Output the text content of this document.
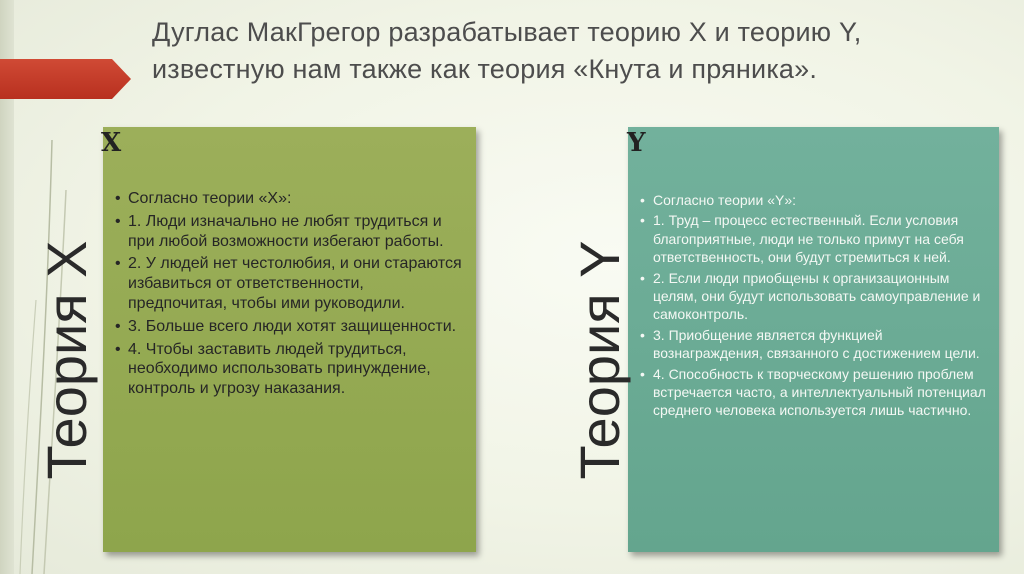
Дуглас МакГрегор разрабатывает теорию X и теорию Y, известную нам также как теория «Кнута и пряника».
• Согласно теории «X»:
• 1. Люди изначально не любят трудиться и при любой возможности избегают работы.
• 2. У людей нет честолюбия, и они стараются избавиться от ответственности, предпочитая, чтобы ими руководили.
• 3. Больше всего люди хотят защищенности.
• 4. Чтобы заставить людей трудиться, необходимо использовать принуждение, контроль и угрозу наказания.
• Согласно теории «Y»:
• 1. Труд – процесс естественный. Если условия благоприятные, люди не только примут на себя ответственность, они будут стремиться к ней.
• 2. Если люди приобщены к организационным целям, они будут использовать самоуправление и самоконтроль.
• 3. Приобщение является функцией вознаграждения, связанного с достижением цели.
• 4. Способность к творческому решению проблем встречается часто, а интеллектуальный потенциал среднего человека используется лишь частично.
X	Y
Теория X	Теория Y
